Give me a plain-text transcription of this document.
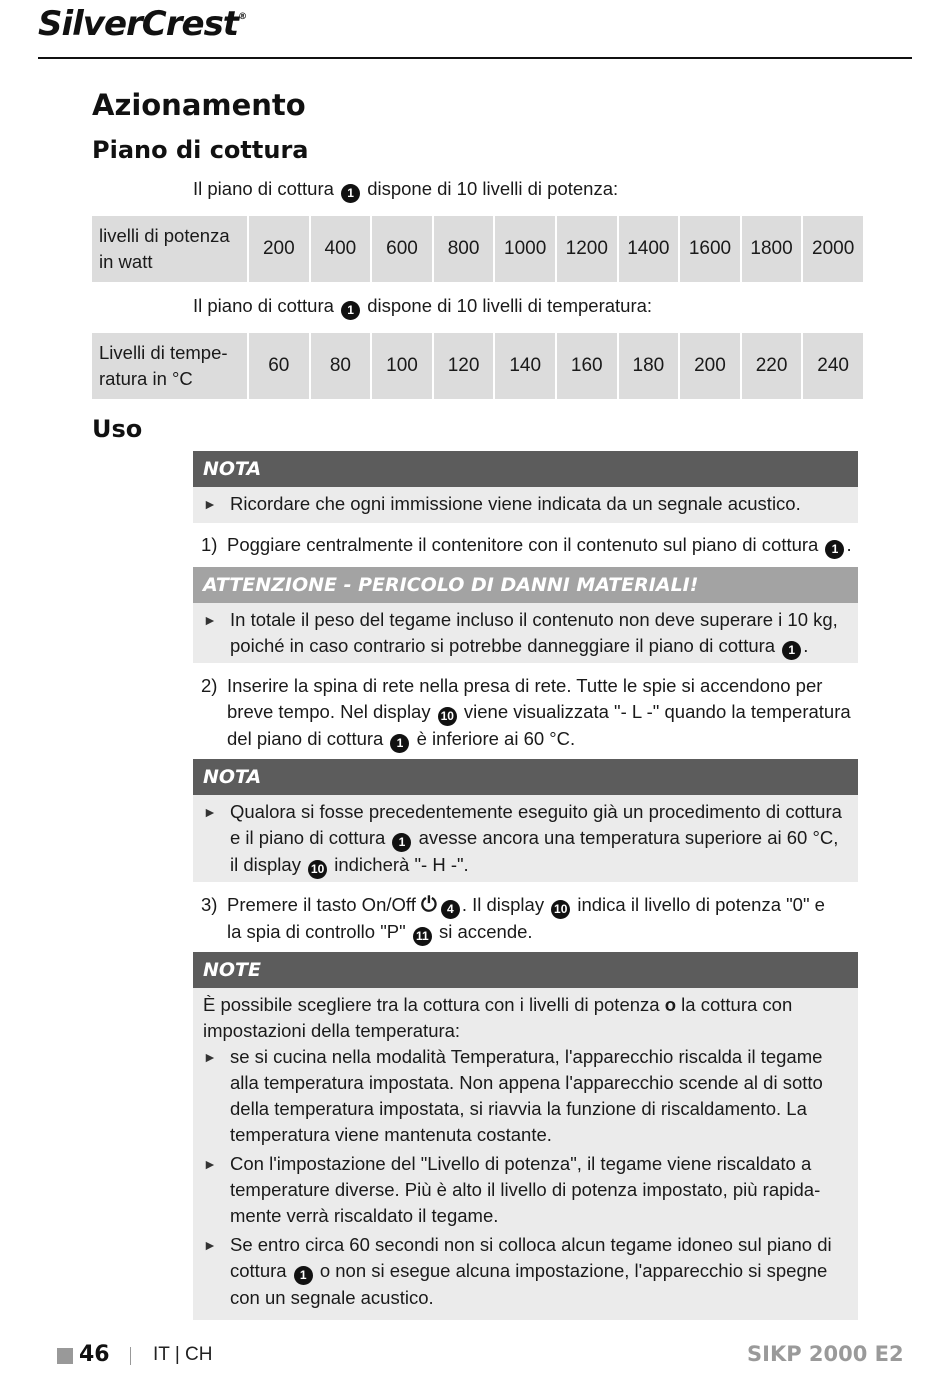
SilverCrest®
Azionamento
Piano di cottura
Il piano di cottura 1 dispone di 10 livelli di potenza:
livelli di potenza
in watt	200	400	600	800	1000	1200	1400	1600	1800	2000
Il piano di cottura 1 dispone di 10 livelli di temperatura:
Livelli di tempe-
ratura in °C	60	80	100	120	140	160	180	200	220	240
Uso
NOTA
► Ricordare che ogni immissione viene indicata da un segnale acustico.
1) Poggiare centralmente il contenitore con il contenuto sul piano di cottura 1 .
ATTENZIONE - PERICOLO DI DANNI MATERIALI!
► In totale il peso del tegame incluso il contenuto non deve superare i 10 kg,
poiché in caso contrario si potrebbe danneggiare il piano di cottura 1 .
2) Inserire la spina di rete nella presa di rete. Tutte le spie si accendono per
breve tempo. Nel display 10 viene visualizzata "- L -" quando la temperatura
del piano di cottura 1 è inferiore ai 60 °C.
NOTA
► Qualora si fosse precedentemente eseguito già un procedimento di cottura
e il piano di cottura 1 avesse ancora una temperatura superiore ai 60 °C,
il display 10 indicherà "- H -".
3) Premere il tasto On/Off ⏻ 4 . Il display 10 indica il livello di potenza "0" e
la spia di controllo "P" 11 si accende.
NOTE
È possibile scegliere tra la cottura con i livelli di potenza o la cottura con
impostazioni della temperatura:
► se si cucina nella modalità Temperatura, l'apparecchio riscalda il tegame
alla temperatura impostata. Non appena l'apparecchio scende al di sotto
della temperatura impostata, si riavvia la funzione di riscaldamento. La
temperatura viene mantenuta costante.
► Con l'impostazione del "Livello di potenza", il tegame viene riscaldato a
temperature diverse. Più è alto il livello di potenza impostato, più rapida-
mente verrà riscaldato il tegame.
► Se entro circa 60 secondi non si colloca alcun tegame idoneo sul piano di
cottura 1 o non si esegue alcuna impostazione, l'apparecchio si spegne
con un segnale acustico.
46 IT | CH	SIKP 2000 E2
